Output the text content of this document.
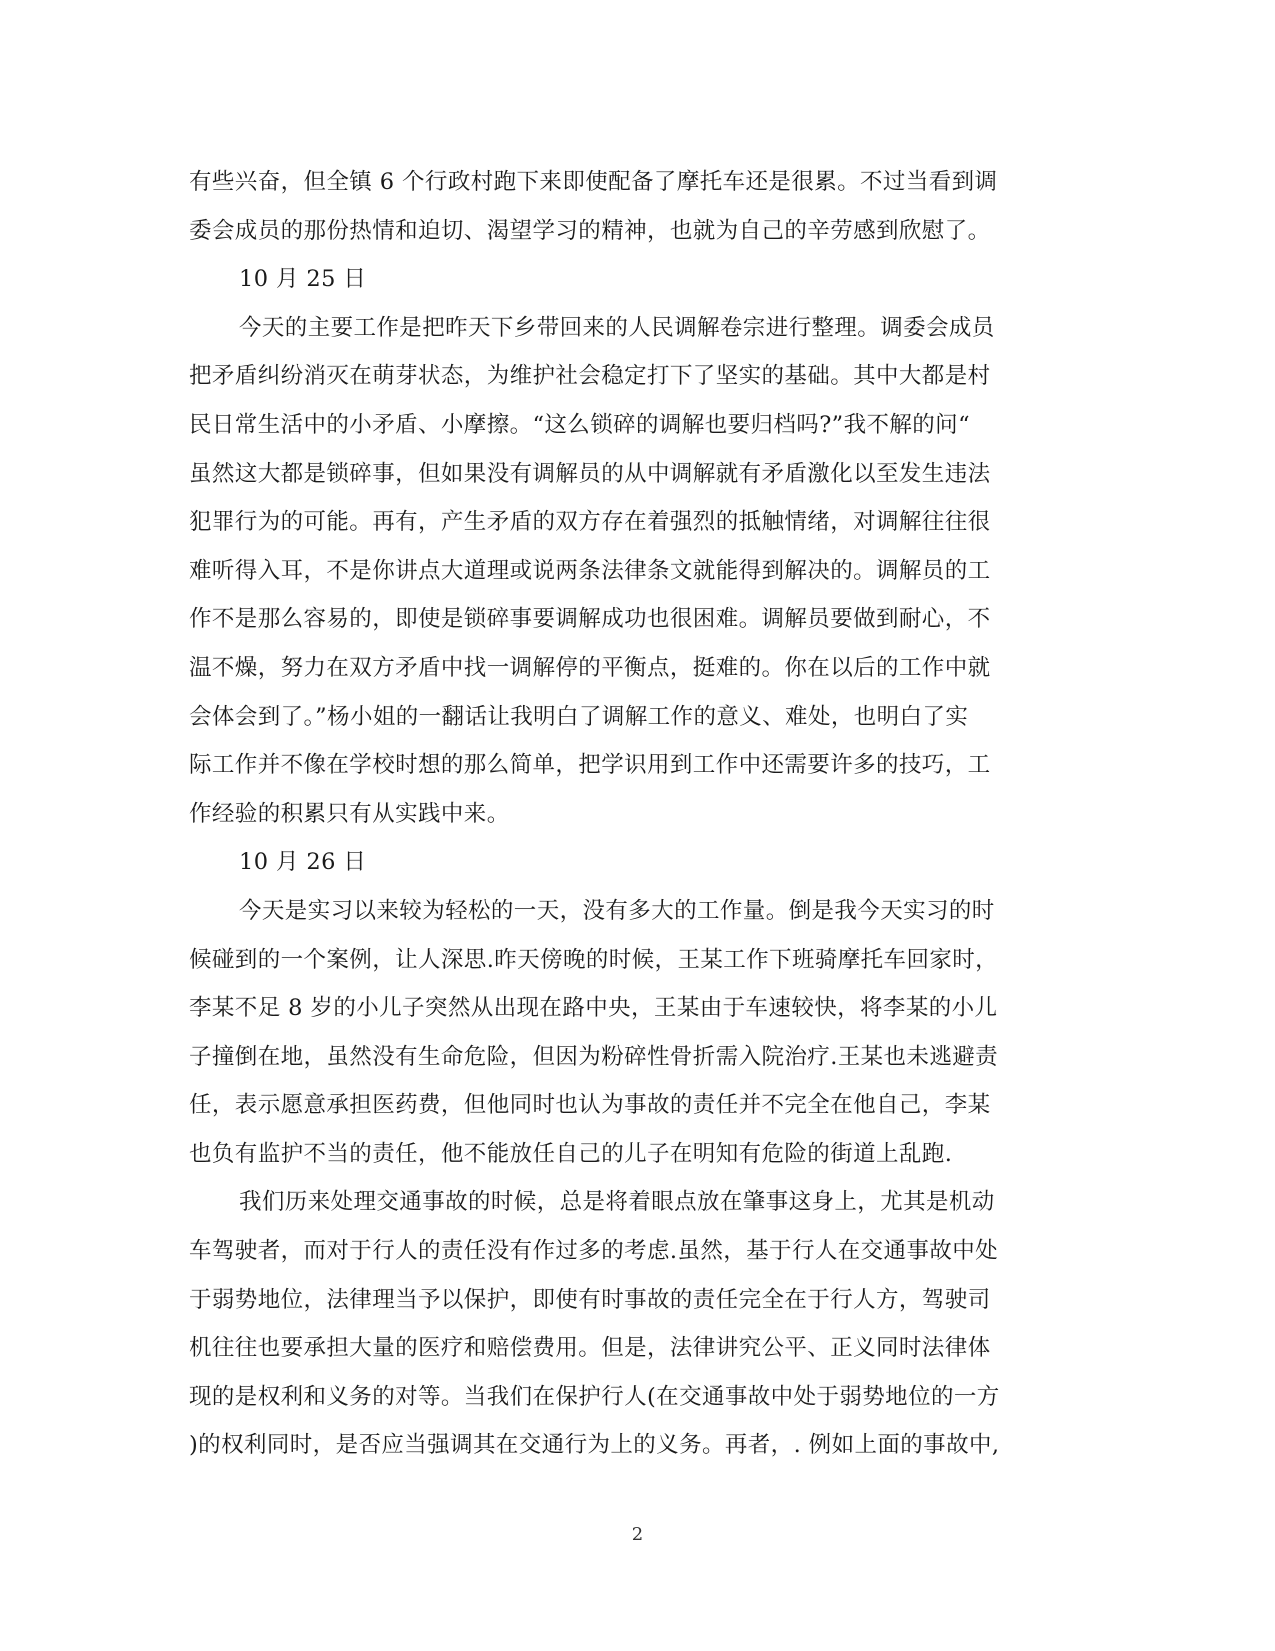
有些兴奋，但全镇 6 个行政村跑下来即使配备了摩托车还是很累。不过当看到调
委会成员的那份热情和迫切、渴望学习的精神，也就为自己的辛劳感到欣慰了。
10 月 25 日
今天的主要工作是把昨天下乡带回来的人民调解卷宗进行整理。调委会成员
把矛盾纠纷消灭在萌芽状态，为维护社会稳定打下了坚实的基础。其中大都是村
民日常生活中的小矛盾、小摩擦。“这么锁碎的调解也要归档吗?”我不解的问“
虽然这大都是锁碎事，但如果没有调解员的从中调解就有矛盾激化以至发生违法
犯罪行为的可能。再有，产生矛盾的双方存在着强烈的抵触情绪，对调解往往很
难听得入耳，不是你讲点大道理或说两条法律条文就能得到解决的。调解员的工
作不是那么容易的，即使是锁碎事要调解成功也很困难。调解员要做到耐心，不
温不燥，努力在双方矛盾中找一调解停的平衡点，挺难的。你在以后的工作中就
会体会到了。”杨小姐的一翻话让我明白了调解工作的意义、难处，也明白了实
际工作并不像在学校时想的那么简单，把学识用到工作中还需要许多的技巧，工
作经验的积累只有从实践中来。
10 月 26 日
今天是实习以来较为轻松的一天，没有多大的工作量。倒是我今天实习的时
候碰到的一个案例，让人深思.昨天傍晚的时候，王某工作下班骑摩托车回家时，
李某不足 8 岁的小儿子突然从出现在路中央，王某由于车速较快，将李某的小儿
子撞倒在地，虽然没有生命危险，但因为粉碎性骨折需入院治疗.王某也未逃避责
任，表示愿意承担医药费，但他同时也认为事故的责任并不完全在他自己，李某
也负有监护不当的责任，他不能放任自己的儿子在明知有危险的街道上乱跑.
我们历来处理交通事故的时候，总是将着眼点放在肇事这身上，尤其是机动
车驾驶者，而对于行人的责任没有作过多的考虑.虽然，基于行人在交通事故中处
于弱势地位，法律理当予以保护，即使有时事故的责任完全在于行人方，驾驶司
机往往也要承担大量的医疗和赔偿费用。但是，法律讲究公平、正义同时法律体
现的是权利和义务的对等。当我们在保护行人(在交通事故中处于弱势地位的一方
)的权利同时，是否应当强调其在交通行为上的义务。再者，. 例如上面的事故中,
2
